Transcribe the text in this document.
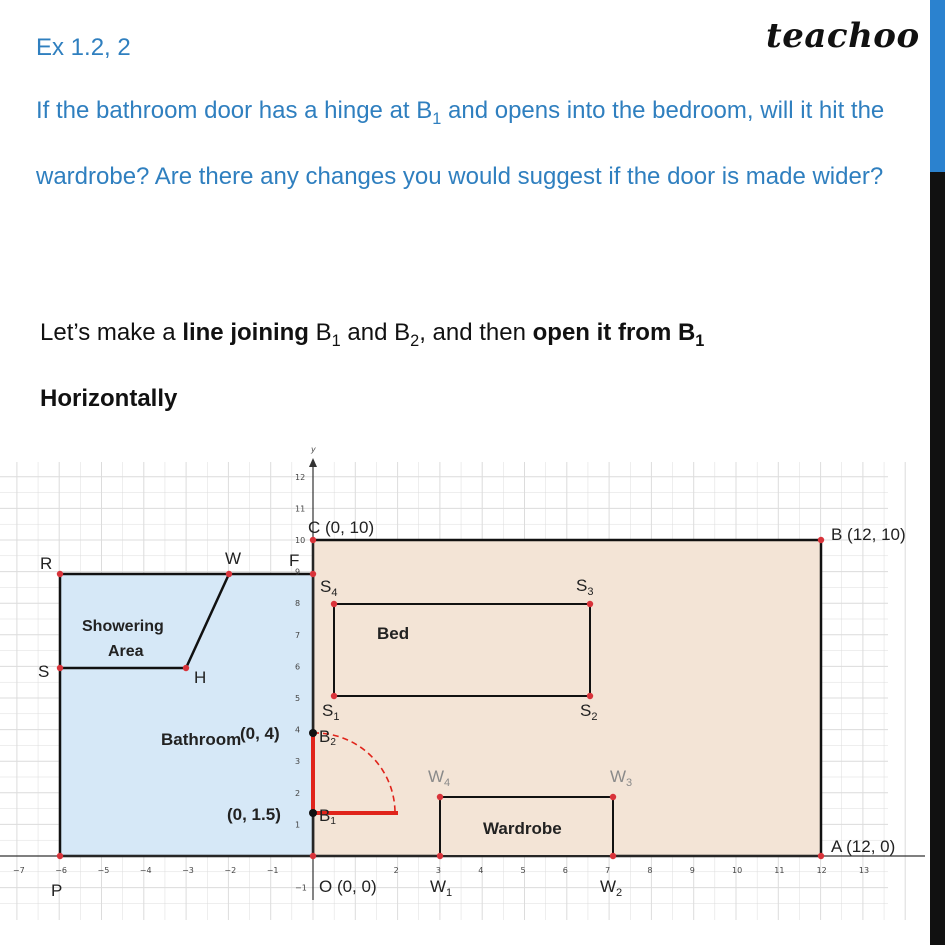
Ex 1.2, 2	teachoo
If the bathroom door has a hinge at $B_1$ and opens into the bedroom, will it hit the wardrobe? Are there any changes you would suggest if the door is made wider?
Let’s make a line joining $B_1$ and $B_2$, and then open it from $B_1$
Horizontally
y
−7	−6	−5	−4	−3	−2	−1	2	3	4	5	6	7	8	9	10	11	12	13
12
11
10
9
8
7
6
5
4
3
2
1
−1
C (0, 10)	B (12, 10)
A (12, 0)
O (0, 0)
R	W	F
S	H
P
$S_4$	$S_3$
$S_2$
$S_1$
$W_4$	$W_3$
$W_1$	$W_2$
B2
B1
Showering
Area
Bed
Wardrobe
Bathroom
(0, 4)
(0, 1.5)
